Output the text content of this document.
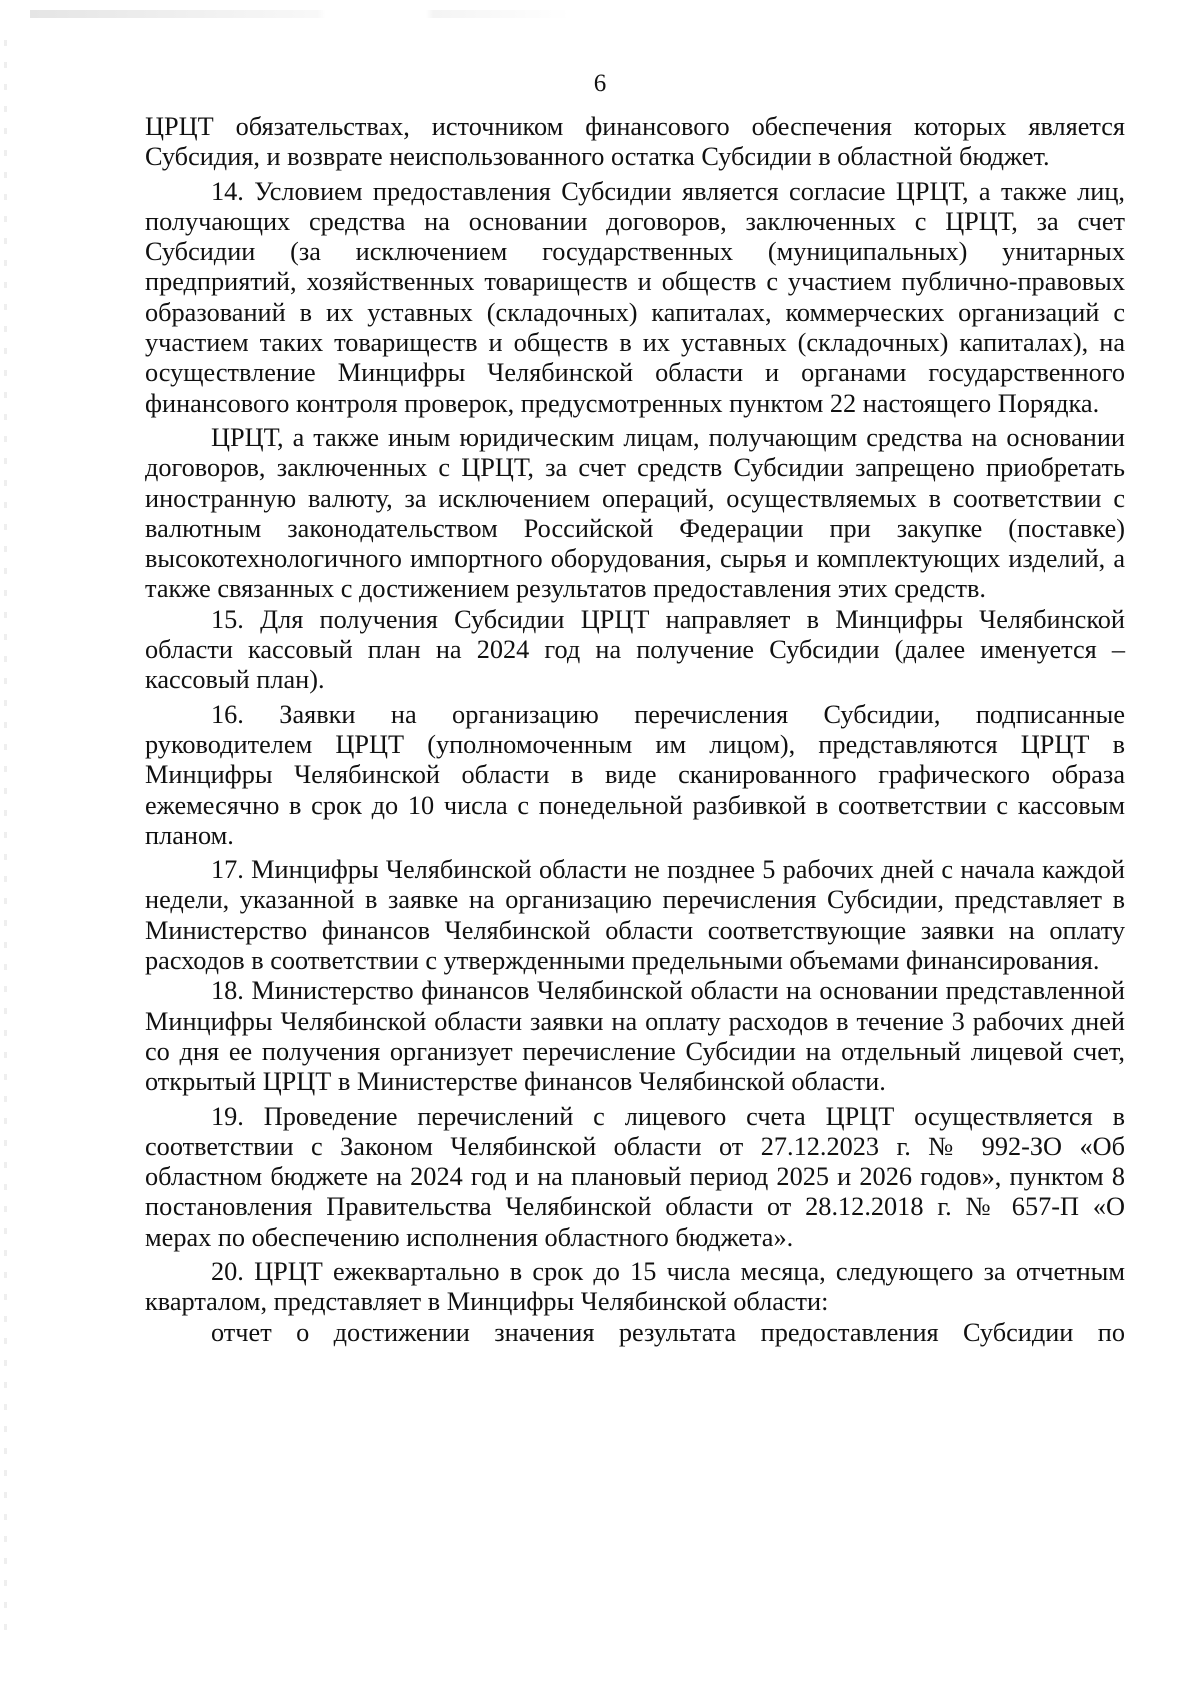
6

ЦРЦТ обязательствах, источником финансового обеспечения которых является Субсидия, и возврате неиспользованного остатка Субсидии в областной бюджет.

14. Условием предоставления Субсидии является согласие ЦРЦТ, а также лиц, получающих средства на основании договоров, заключенных с ЦРЦТ, за счет Субсидии (за исключением государственных (муниципальных) унитарных предприятий, хозяйственных товариществ и обществ с участием публично-правовых образований в их уставных (складочных) капиталах, коммерческих организаций с участием таких товариществ и обществ в их уставных (складочных) капиталах), на осуществление Минцифры Челябинской области и органами государственного финансового контроля проверок, предусмотренных пунктом 22 настоящего Порядка.

ЦРЦТ, а также иным юридическим лицам, получающим средства на основании договоров, заключенных с ЦРЦТ, за счет средств Субсидии запрещено приобретать иностранную валюту, за исключением операций, осуществляемых в соответствии с валютным законодательством Российской Федерации при закупке (поставке) высокотехнологичного импортного оборудования, сырья и комплектующих изделий, а также связанных с достижением результатов предоставления этих средств.

15. Для получения Субсидии ЦРЦТ направляет в Минцифры Челябинской области кассовый план на 2024 год на получение Субсидии (далее именуется – кассовый план).

16. Заявки на организацию перечисления Субсидии, подписанные руководителем ЦРЦТ (уполномоченным им лицом), представляются ЦРЦТ в Минцифры Челябинской области в виде сканированного графического образа ежемесячно в срок до 10 числа с понедельной разбивкой в соответствии с кассовым планом.

17. Минцифры Челябинской области не позднее 5 рабочих дней с начала каждой недели, указанной в заявке на организацию перечисления Субсидии, представляет в Министерство финансов Челябинской области соответствующие заявки на оплату расходов в соответствии с утвержденными предельными объемами финансирования.

18. Министерство финансов Челябинской области на основании представленной Минцифры Челябинской области заявки на оплату расходов в течение 3 рабочих дней со дня ее получения организует перечисление Субсидии на отдельный лицевой счет, открытый ЦРЦТ в Министерстве финансов Челябинской области.

19. Проведение перечислений с лицевого счета ЦРЦТ осуществляется в соответствии с Законом Челябинской области от 27.12.2023 г. № 992-ЗО «Об областном бюджете на 2024 год и на плановый период 2025 и 2026 годов», пунктом 8 постановления Правительства Челябинской области от 28.12.2018 г. № 657-П «О мерах по обеспечению исполнения областного бюджета».

20. ЦРЦТ ежеквартально в срок до 15 числа месяца, следующего за отчетным кварталом, представляет в Минцифры Челябинской области:

отчет о достижении значения результата предоставления Субсидии по
